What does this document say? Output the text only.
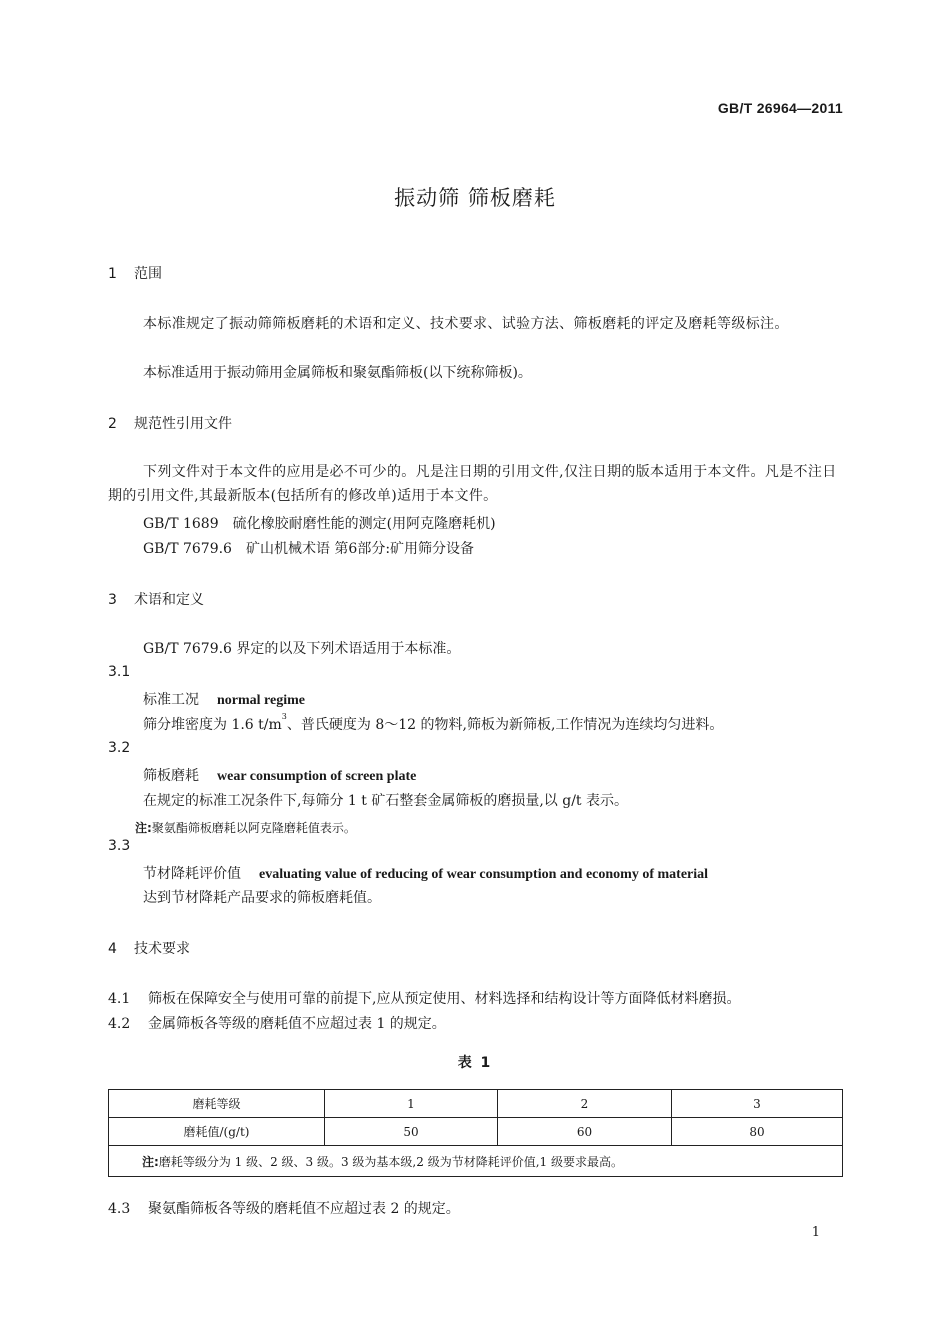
GB/T 26964—2011
振动筛 筛板磨耗
1 范围
本标准规定了振动筛筛板磨耗的术语和定义、技术要求、试验方法、筛板磨耗的评定及磨耗等级标注。
本标准适用于振动筛用金属筛板和聚氨酯筛板(以下统称筛板)。
2 规范性引用文件
下列文件对于本文件的应用是必不可少的。凡是注日期的引用文件,仅注日期的版本适用于本文件。凡是不注日期的引用文件,其最新版本(包括所有的修改单)适用于本文件。
GB/T 1689 硫化橡胶耐磨性能的测定(用阿克隆磨耗机)
GB/T 7679.6 矿山机械术语 第6部分:矿用筛分设备
3 术语和定义
GB/T 7679.6 界定的以及下列术语适用于本标准。
3.1
标准工况 normal regime
筛分堆密度为 1.6 $t/m^3$、普氏硬度为 8～12 的物料,筛板为新筛板,工作情况为连续均匀进料。
3.2
筛板磨耗 wear consumption of screen plate
在规定的标准工况条件下,每筛分 1 t 矿石整套金属筛板的磨损量,以 g/t 表示。
注:聚氨酯筛板磨耗以阿克隆磨耗值表示。
3.3
节材降耗评价值 evaluating value of reducing of wear consumption and economy of material
达到节材降耗产品要求的筛板磨耗值。
4 技术要求
4.1 筛板在保障安全与使用可靠的前提下,应从预定使用、材料选择和结构设计等方面降低材料磨损。
4.2 金属筛板各等级的磨耗值不应超过表 1 的规定。
表 1
磨耗等级	1	2	3
磨耗值/(g/t)	50	60	80
注:磨耗等级分为 1 级、2 级、3 级。3 级为基本级,2 级为节材降耗评价值,1 级要求最高。			
4.3 聚氨酯筛板各等级的磨耗值不应超过表 2 的规定。
1
